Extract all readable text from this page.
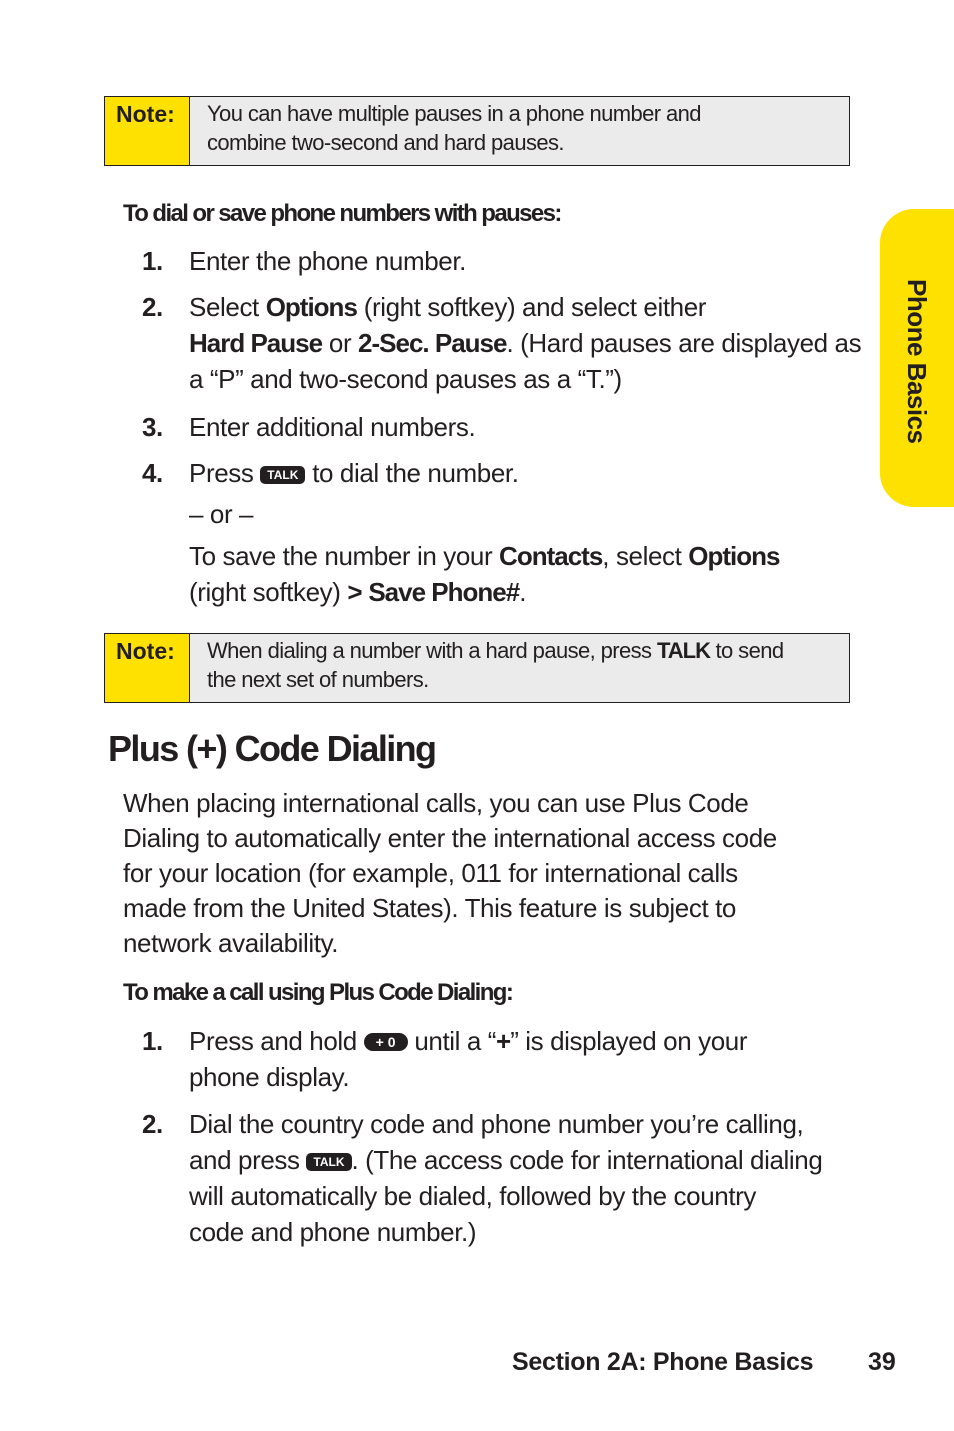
Note:	You can have multiple pauses in a phone number and
combine two-second and hard pauses.
Phone Basics
To dial or save phone numbers with pauses:
1. Enter the phone number.
2. Select Options (right softkey) and select either
Hard Pause or 2-Sec. Pause. (Hard pauses are displayed as
a “P” and two-second pauses as a “T.”)
3. Enter additional numbers.
4. Press TALK to dial the number.
– or –
To save the number in your Contacts, select Options
(right softkey) > Save Phone#.
Note:	When dialing a number with a hard pause, press TALK to send
the next set of numbers.
Plus (+) Code Dialing
When placing international calls, you can use Plus Code
Dialing to automatically enter the international access code
for your location (for example, 011 for international calls
made from the United States). This feature is subject to
network availability.
To make a call using Plus Code Dialing:
1. Press and hold + 0 until a “+” is displayed on your
phone display.
2. Dial the country code and phone number you’re calling,
and press TALK . (The access code for international dialing
will automatically be dialed, followed by the country
code and phone number.)
Section 2A: Phone Basics 39
